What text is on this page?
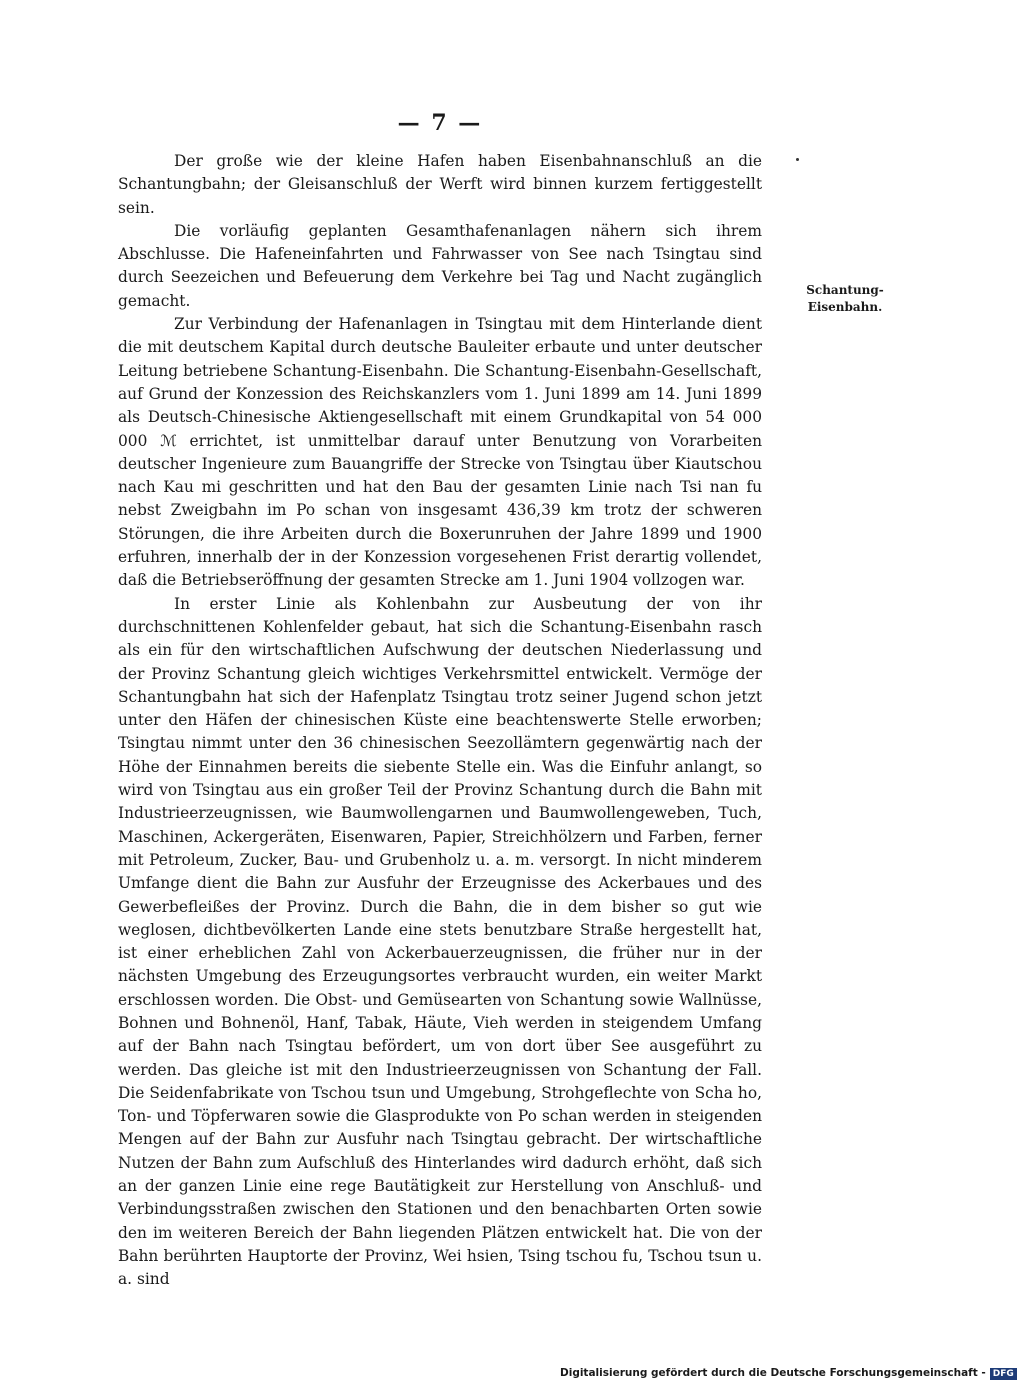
— 7 —

Der große wie der kleine Hafen haben Eisenbahnanschluß an die Schantungbahn; der Gleisanschluß der Werft wird binnen kurzem fertiggestellt sein.

Die vorläufig geplanten Gesamthafenanlagen nähern sich ihrem Abschlusse. Die Hafeneinfahrten und Fahrwasser von See nach Tsingtau sind durch Seezeichen und Befeuerung dem Verkehre bei Tag und Nacht zugänglich gemacht.

Zur Verbindung der Hafenanlagen in Tsingtau mit dem Hinterlande dient die mit deutschem Kapital durch deutsche Bauleiter erbaute und unter deutscher Leitung betriebene Schantung-Eisenbahn. Die Schantung-Eisenbahn-Gesellschaft, auf Grund der Konzession des Reichskanzlers vom 1. Juni 1899 am 14. Juni 1899 als Deutsch-Chinesische Aktiengesellschaft mit einem Grundkapital von 54 000 000 ℳ errichtet, ist unmittelbar darauf unter Benutzung von Vorarbeiten deutscher Ingenieure zum Bauangriffe der Strecke von Tsingtau über Kiautschou nach Kau mi geschritten und hat den Bau der gesamten Linie nach Tsi nan fu nebst Zweigbahn im Po schan von insgesamt 436,39 km trotz der schweren Störungen, die ihre Arbeiten durch die Boxerunruhen der Jahre 1899 und 1900 erfuhren, innerhalb der in der Konzession vorgesehenen Frist derartig vollendet, daß die Betriebseröffnung der gesamten Strecke am 1. Juni 1904 vollzogen war.

In erster Linie als Kohlenbahn zur Ausbeutung der von ihr durchschnittenen Kohlenfelder gebaut, hat sich die Schantung-Eisenbahn rasch als ein für den wirtschaftlichen Aufschwung der deutschen Niederlassung und der Provinz Schantung gleich wichtiges Verkehrsmittel entwickelt. Vermöge der Schantungbahn hat sich der Hafenplatz Tsingtau trotz seiner Jugend schon jetzt unter den Häfen der chinesischen Küste eine beachtenswerte Stelle erworben; Tsingtau nimmt unter den 36 chinesischen Seezollämtern gegenwärtig nach der Höhe der Einnahmen bereits die siebente Stelle ein. Was die Einfuhr anlangt, so wird von Tsingtau aus ein großer Teil der Provinz Schantung durch die Bahn mit Industrieerzeugnissen, wie Baumwollengarnen und Baumwollengeweben, Tuch, Maschinen, Ackergeräten, Eisenwaren, Papier, Streichhölzern und Farben, ferner mit Petroleum, Zucker, Bau- und Grubenholz u. a. m. versorgt. In nicht minderem Umfange dient die Bahn zur Ausfuhr der Erzeugnisse des Ackerbaues und des Gewerbefleißes der Provinz. Durch die Bahn, die in dem bisher so gut wie weglosen, dichtbevölkerten Lande eine stets benutzbare Straße hergestellt hat, ist einer erheblichen Zahl von Ackerbauerzeugnissen, die früher nur in der nächsten Umgebung des Erzeugungsortes verbraucht wurden, ein weiter Markt erschlossen worden. Die Obst- und Gemüsearten von Schantung sowie Wallnüsse, Bohnen und Bohnenöl, Hanf, Tabak, Häute, Vieh werden in steigendem Umfang auf der Bahn nach Tsingtau befördert, um von dort über See ausgeführt zu werden. Das gleiche ist mit den Industrieerzeugnissen von Schantung der Fall. Die Seidenfabrikate von Tschou tsun und Umgebung, Strohgeflechte von Scha ho, Ton- und Töpferwaren sowie die Glasprodukte von Po schan werden in steigenden Mengen auf der Bahn zur Ausfuhr nach Tsingtau gebracht. Der wirtschaftliche Nutzen der Bahn zum Aufschluß des Hinterlandes wird dadurch erhöht, daß sich an der ganzen Linie eine rege Bautätigkeit zur Herstellung von Anschluß- und Verbindungsstraßen zwischen den Stationen und den benachbarten Orten sowie den im weiteren Bereich der Bahn liegenden Plätzen entwickelt hat. Die von der Bahn berührten Hauptorte der Provinz, Wei hsien, Tsing tschou fu, Tschou tsun u. a. sind

Schantung-
Eisenbahn.
Digitalisierung gefördert durch die Deutsche Forschungsgemeinschaft - DFG
